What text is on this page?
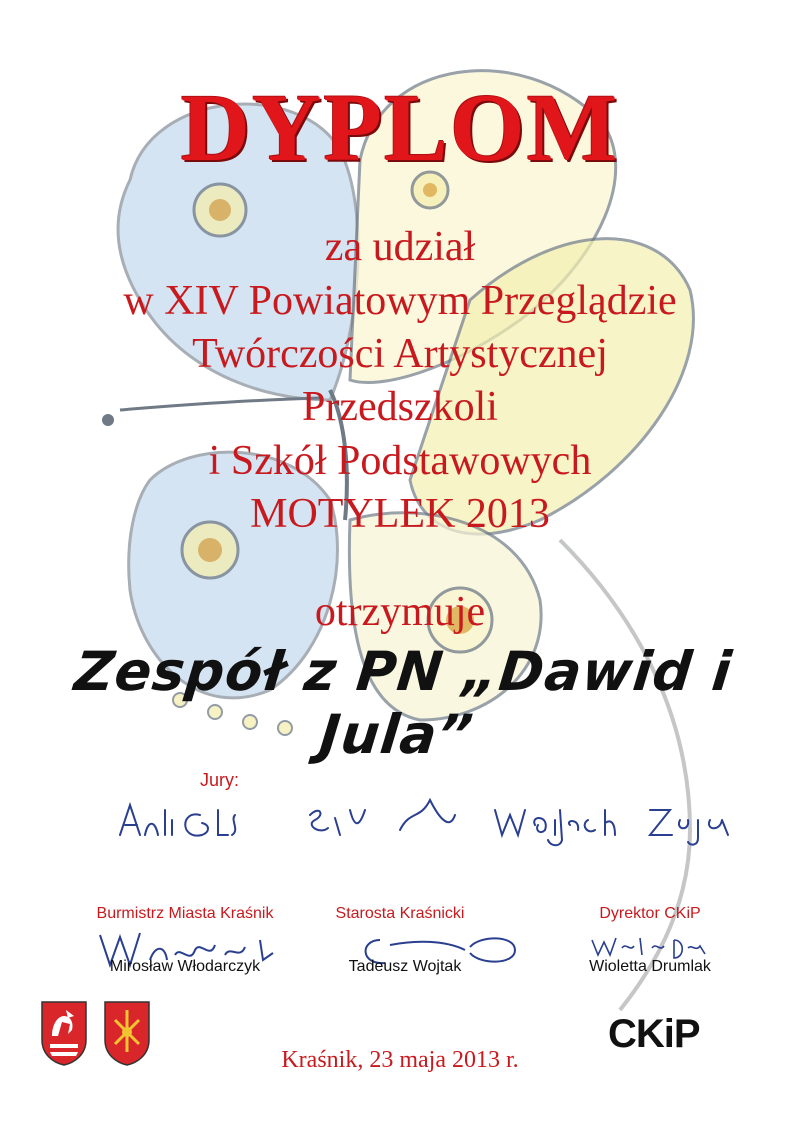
DYPLOM
za udział
w XIV Powiatowym Przeglądzie
Twórczości Artystycznej
Przedszkoli
i Szkół Podstawowych
MOTYLEK 2013
otrzymuje
Zespół z PN „Dawid i Jula”
Jury:
Burmistrz Miasta Kraśnik	Starosta Kraśnicki	Dyrektor CKiP
Mirosław Włodarczyk	Tadeusz Wojtak	Wioletta Drumlak
Kraśnik, 23 maja 2013 r.
CKiP
